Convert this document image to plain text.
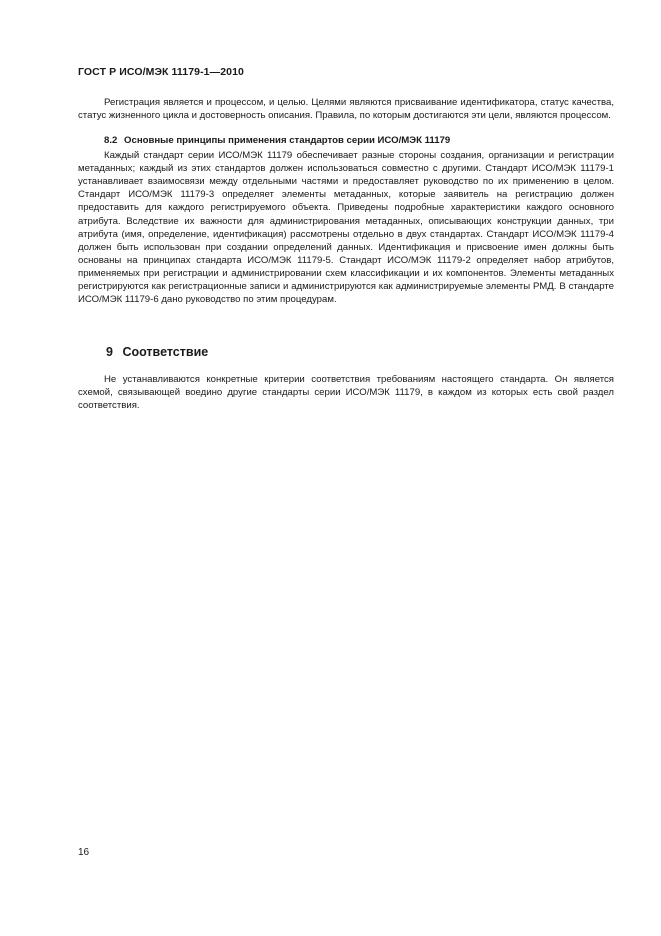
ГОСТ Р ИСО/МЭК 11179-1—2010

Регистрация является и процессом, и целью. Целями являются присваивание идентификатора, статус качества, статус жизненного цикла и достоверность описания. Правила, по которым достигаются эти цели, являются процессом.

8.2 Основные принципы применения стандартов серии ИСО/МЭК 11179

Каждый стандарт серии ИСО/МЭК 11179 обеспечивает разные стороны создания, организации и регистрации метаданных; каждый из этих стандартов должен использоваться совместно с другими. Стандарт ИСО/МЭК 11179-1 устанавливает взаимосвязи между отдельными частями и предоставляет руководство по их применению в целом. Стандарт ИСО/МЭК 11179-3 определяет элементы метаданных, которые заявитель на регистрацию должен предоставить для каждого регистрируемого объекта. Приведены подробные характеристики каждого основного атрибута. Вследствие их важности для администрирования метаданных, описывающих конструкции данных, три атрибута (имя, определение, идентификация) рассмотрены отдельно в двух стандартах. Стандарт ИСО/МЭК 11179-4 должен быть использован при создании определений данных. Идентификация и присвоение имен должны быть основаны на принципах стандарта ИСО/МЭК 11179-5. Стандарт ИСО/МЭК 11179-2 определяет набор атрибутов, применяемых при регистрации и администрировании схем классификации и их компонентов. Элементы метаданных регистрируются как регистрационные записи и администрируются как администрируемые элементы РМД. В стандарте ИСО/МЭК 11179-6 дано руководство по этим процедурам.

9 Соответствие

Не устанавливаются конкретные критерии соответствия требованиям настоящего стандарта. Он является схемой, связывающей воедино другие стандарты серии ИСО/МЭК 11179, в каждом из которых есть свой раздел соответствия.

16
